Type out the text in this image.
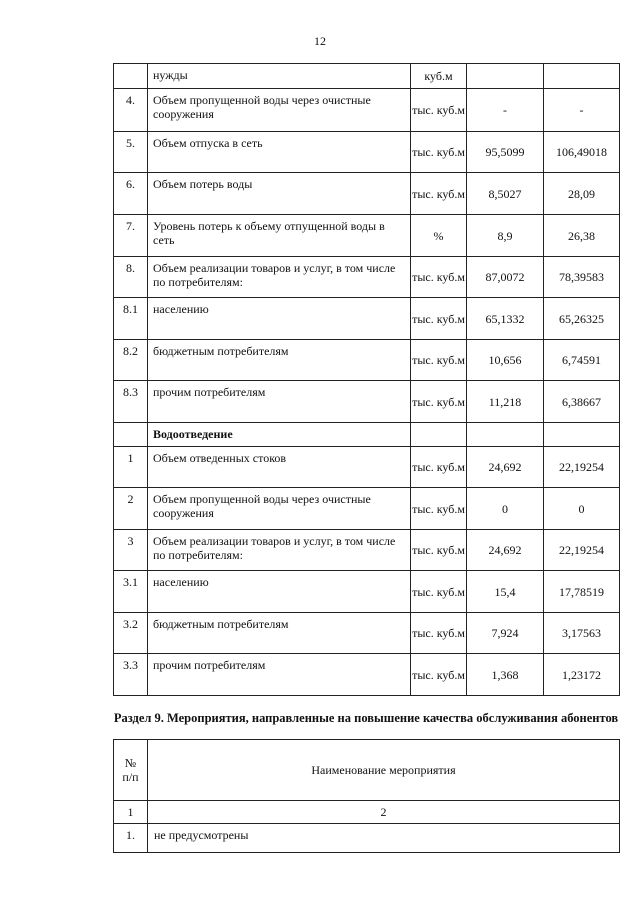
12
	нужды	куб.м		
4.	Объем пропущенной воды через очистные сооружения	тыс. куб.м	-	-
5.	Объем отпуска в сеть	тыс. куб.м	95,5099	106,49018
6.	Объем потерь воды	тыс. куб.м	8,5027	28,09
7.	Уровень потерь к объему отпущенной воды в сеть	%	8,9	26,38
8.	Объем реализации товаров и услуг, в том числе по потребителям:	тыс. куб.м	87,0072	78,39583
8.1	населению	тыс. куб.м	65,1332	65,26325
8.2	бюджетным потребителям	тыс. куб.м	10,656	6,74591
8.3	прочим потребителям	тыс. куб.м	11,218	6,38667
	Водоотведение			
1	Объем отведенных стоков	тыс. куб.м	24,692	22,19254
2	Объем пропущенной воды через очистные сооружения	тыс. куб.м	0	0
3	Объем реализации товаров и услуг, в том числе по потребителям:	тыс. куб.м	24,692	22,19254
3.1	населению	тыс. куб.м	15,4	17,78519
3.2	бюджетным потребителям	тыс. куб.м	7,924	3,17563
3.3	прочим потребителям	тыс. куб.м	1,368	1,23172
Раздел 9. Мероприятия, направленные на повышение качества обслуживания абонентов
№ п/п	Наименование мероприятия
1	2
1.	не предусмотрены
